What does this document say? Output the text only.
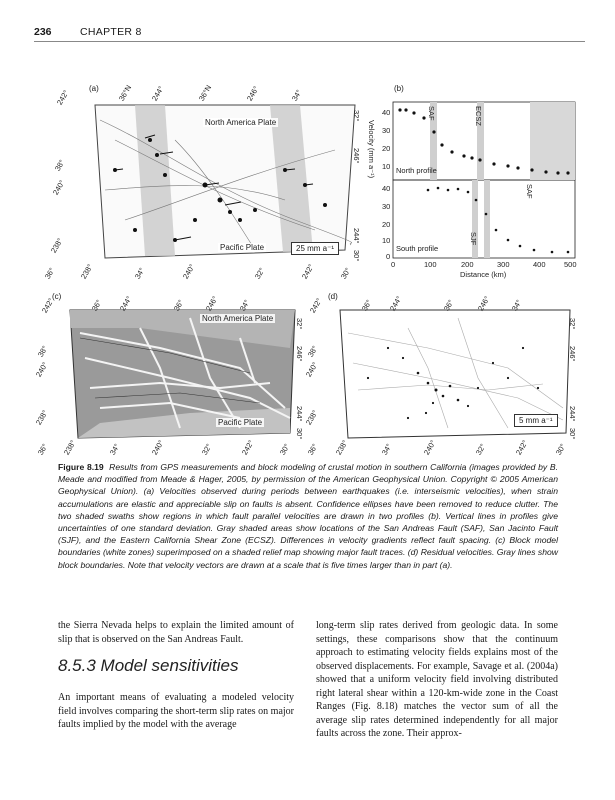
236	CHAPTER 8
(a)
North America Plate
Pacific Plate	25 mm a⁻¹
242°	36°N 244°	36°N	246°	34°
38°
240°
238°
36°	238°	34°	240°	32°	242°	30°
32°
246°
244°
30°
(b)
SAF	ECSZ
SJF
SAF
North profile
South profile
Velocity (mm a⁻¹)
40
30
20
10
40
30
20
10
0
0	100	200	300	400 500
Distance (km)
(c)
North America Plate
Pacific Plate
242°	36° 244°	36° 246° 34°
38°
240°
238°
36° 238°	34°	240°	32°	242°	30°
32°
246°
244°
30°
(d)
5 mm a⁻¹
242°	36° 244°	36°	246° 34°
38°
240°
238°
36° 238°	34°	240°	32°	242°	30°
32°
246°
244°
30°
Figure 8.19 Results from GPS measurements and block modeling of crustal motion in southern California (images provided by B. Meade and modified from Meade & Hager, 2005, by permission of the American Geophysical Union. Copyright © 2005 American Geophysical Union). (a) Velocities observed during periods between earthquakes (i.e. interseismic velocities), when strain accumulations are elastic and appreciable slip on faults is absent. Confidence ellipses have been removed to reduce clutter. The two shaded swaths show regions in which fault parallel velocities are drawn in two profiles (b). Vertical lines in profiles give uncertainties of one standard deviation. Gray shaded areas show locations of the San Andreas Fault (SAF), San Jacinto Fault (SJF), and the Eastern California Shear Zone (ECSZ). Differences in velocity gradients reflect fault spacing. (c) Block model boundaries (white zones) superimposed on a shaded relief map showing major fault traces. (d) Residual velocities. Gray lines show block boundaries. Note that velocity vectors are drawn at a scale that is five times larger than in part (a).

the Sierra Nevada helps to explain the limited amount of slip that is observed on the San Andreas Fault.

8.5.3 Model sensitivities

An important means of evaluating a modeled velocity field involves comparing the short-term slip rates on major faults implied by the model with the average

long-term slip rates derived from geologic data. In some settings, these comparisons show that the continuum approach to estimating velocity fields explains most of the observed displacements. For example, Savage et al. (2004a) showed that a uniform velocity field involving distributed right lateral shear within a 120-km-wide zone in the Coast Ranges (Fig. 8.18) matches the vector sum of all the average slip rates determined independently for all major faults across the zone. Their approx-
